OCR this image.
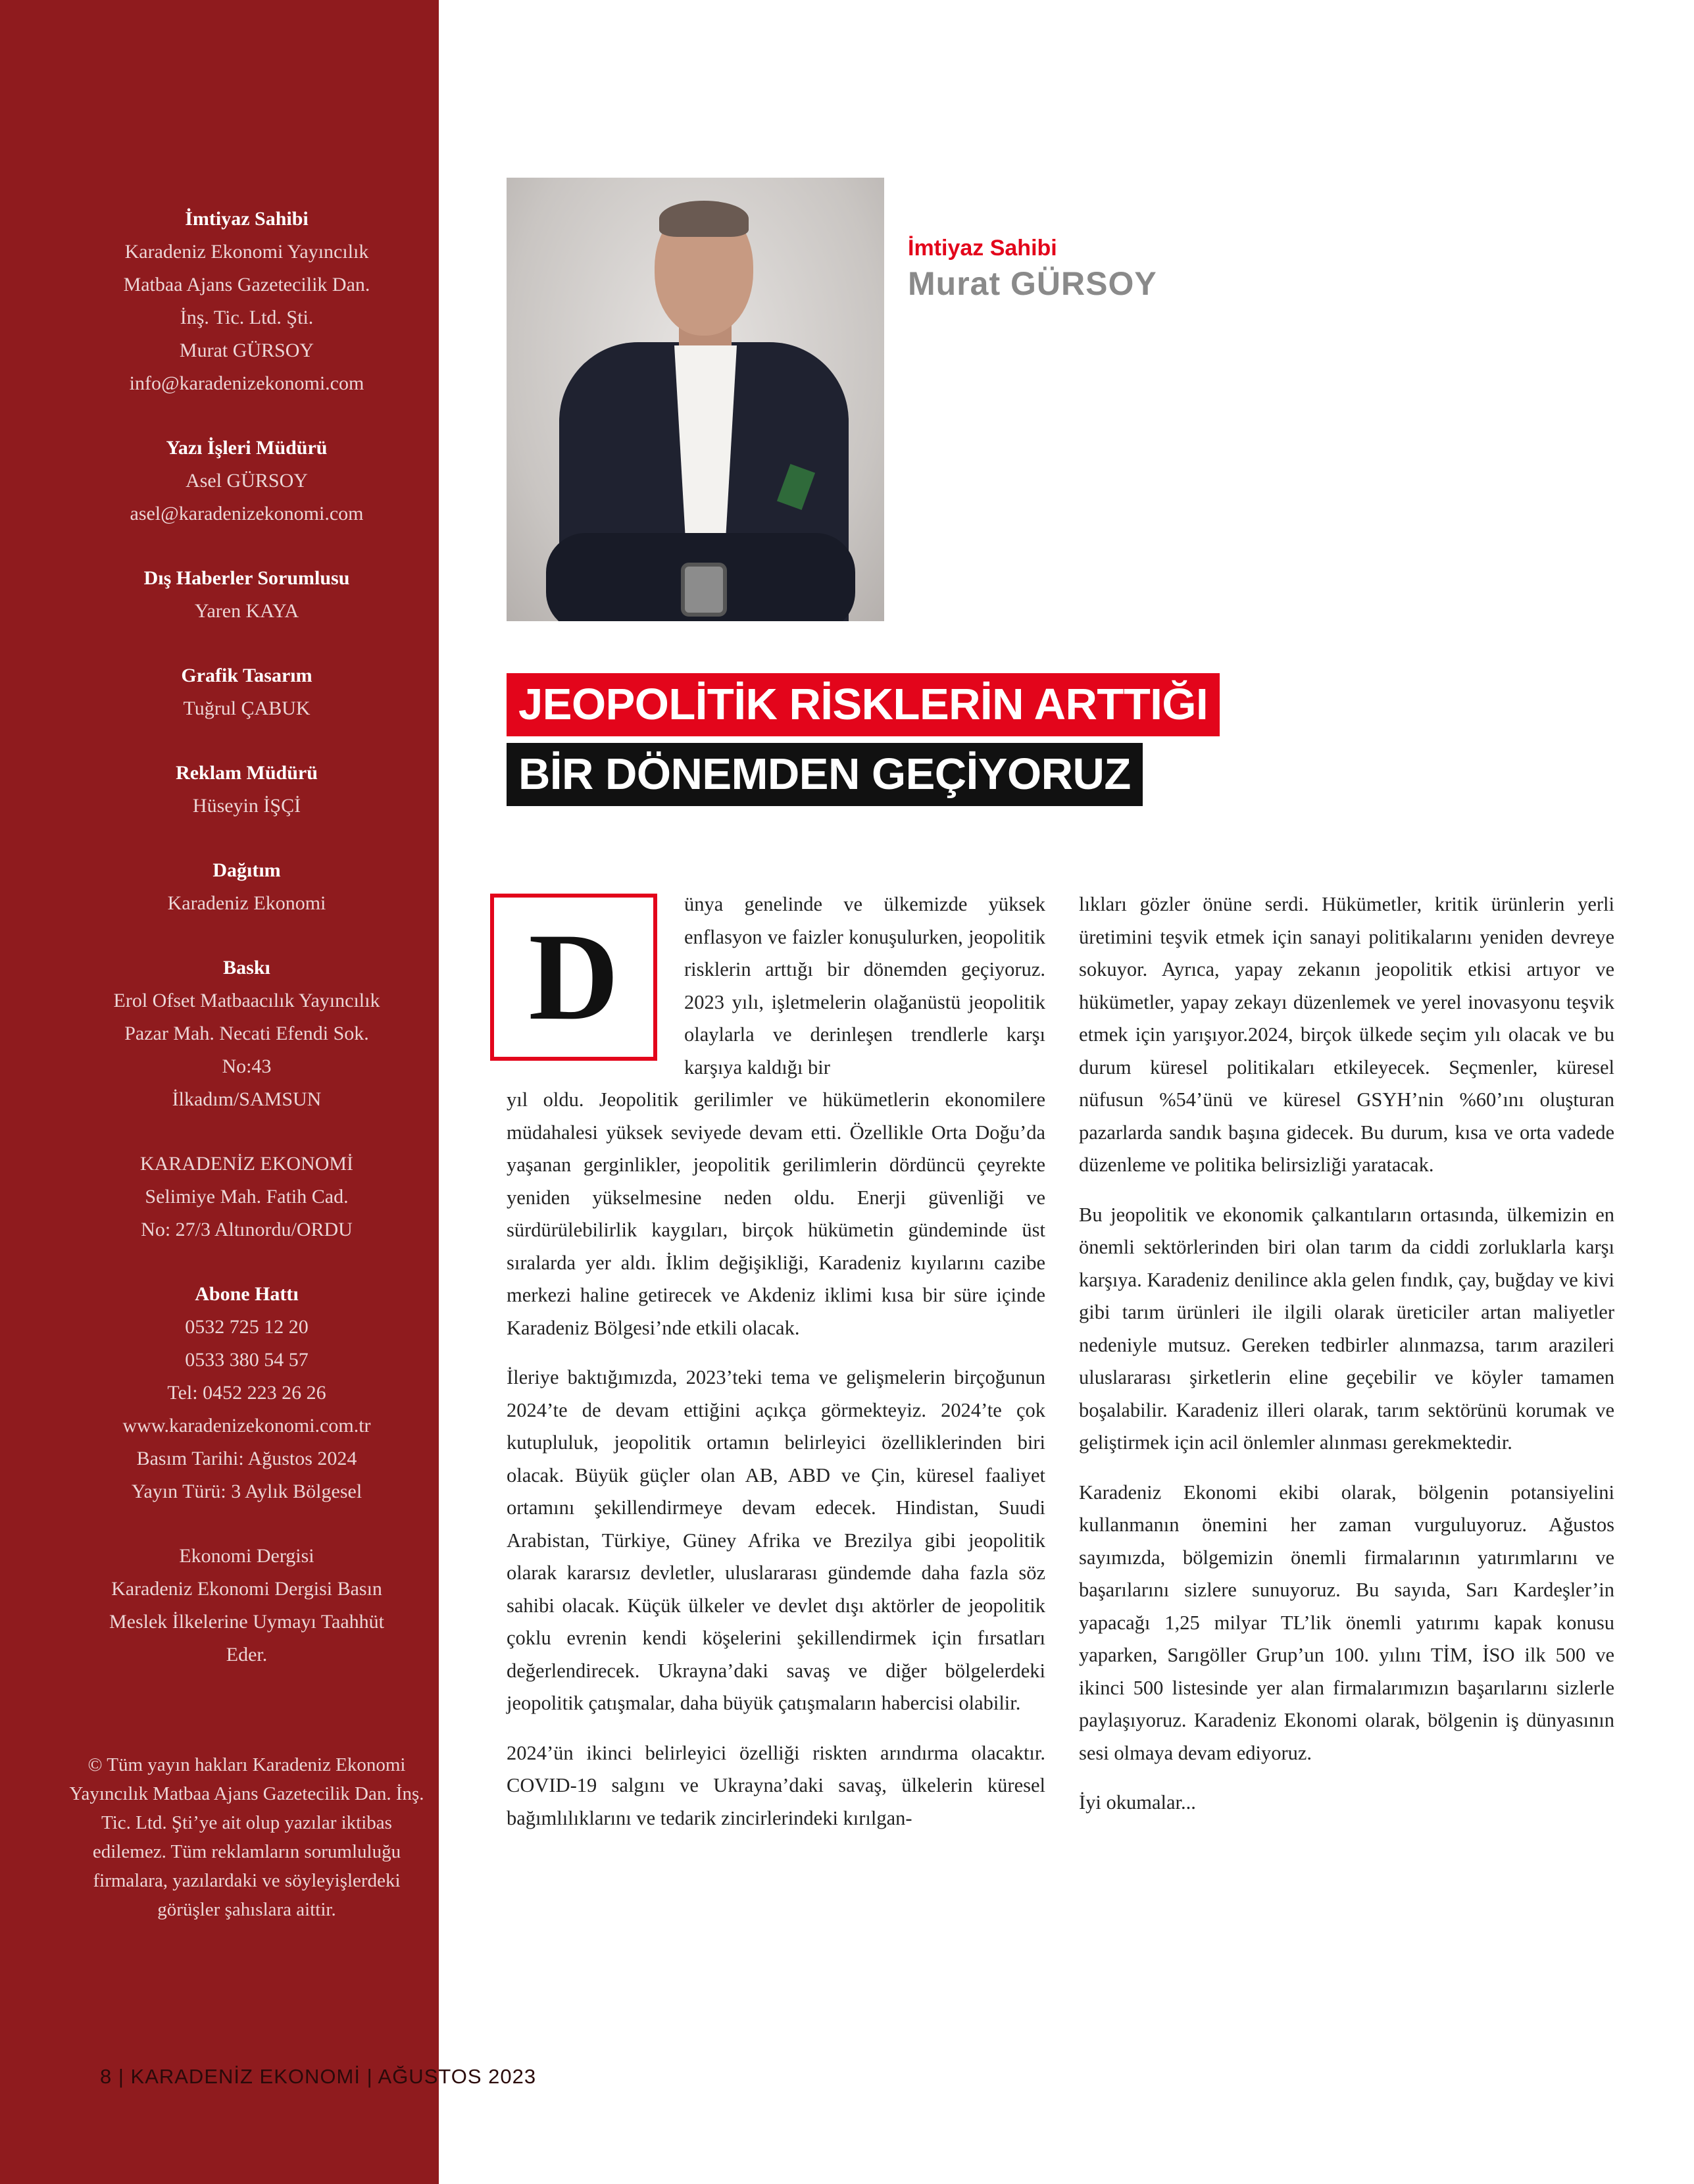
İmtiyaz Sahibi
Karadeniz Ekonomi Yayıncılık
Matbaa Ajans Gazetecilik Dan.
İnş. Tic. Ltd. Şti.
Murat GÜRSOY
info@karadenizekonomi.com
Yazı İşleri Müdürü
Asel GÜRSOY
asel@karadenizekonomi.com
Dış Haberler Sorumlusu
Yaren KAYA
Grafik Tasarım
Tuğrul ÇABUK
Reklam Müdürü
Hüseyin İŞÇİ
Dağıtım
Karadeniz Ekonomi
Baskı
Erol Ofset Matbaacılık Yayıncılık
Pazar Mah. Necati Efendi Sok.
No:43
İlkadım/SAMSUN
KARADENİZ EKONOMİ
Selimiye Mah. Fatih Cad.
No: 27/3 Altınordu/ORDU
Abone Hattı
0532 725 12 20
0533 380 54 57
Tel: 0452 223 26 26
www.karadenizekonomi.com.tr
Basım Tarihi: Ağustos 2024
Yayın Türü: 3 Aylık Bölgesel
Ekonomi Dergisi
Karadeniz Ekonomi Dergisi Basın
Meslek İlkelerine Uymayı Taahhüt
Eder.
© Tüm yayın hakları Karadeniz Ekonomi Yayıncılık Matbaa Ajans Gazetecilik Dan. İnş. Tic. Ltd. Şti’ye ait olup yazılar iktibas edilemez. Tüm reklamların sorumluluğu firmalara, yazılardaki ve söyleyişlerdeki görüşler şahıslara aittir.
8 | KARADENİZ EKONOMİ | AĞUSTOS 2023
İmtiyaz Sahibi
Murat GÜRSOY
JEOPOLİTİK RİSKLERİN ARTTIĞI
BİR DÖNEMDEN GEÇİYORUZ
D

ünya genelinde ve ülkemizde yüksek enflasyon ve faizler konuşulurken, jeopolitik risklerin arttığı bir dönemden geçiyoruz. 2023 yılı, işletmelerin olağanüstü jeopolitik olaylarla ve derinleşen trendlerle karşı karşıya kaldığı bir

yıl oldu. Jeopolitik gerilimler ve hükümetlerin ekonomilere müdahalesi yüksek seviyede devam etti. Özellikle Orta Doğu’da yaşanan gerginlikler, jeopolitik gerilimlerin dördüncü çeyrekte yeniden yükselmesine neden oldu. Enerji güvenliği ve sürdürülebilirlik kaygıları, birçok hükümetin gündeminde üst sıralarda yer aldı. İklim değişikliği, Karadeniz kıyılarını cazibe merkezi haline getirecek ve Akdeniz iklimi kısa bir süre içinde Karadeniz Bölgesi’nde etkili olacak.

İleriye baktığımızda, 2023’teki tema ve gelişmelerin birçoğunun 2024’te de devam ettiğini açıkça görmekteyiz. 2024’te çok kutupluluk, jeopolitik ortamın belirleyici özelliklerinden biri olacak. Büyük güçler olan AB, ABD ve Çin, küresel faaliyet ortamını şekillendirmeye devam edecek. Hindistan, Suudi Arabistan, Türkiye, Güney Afrika ve Brezilya gibi jeopolitik olarak kararsız devletler, uluslararası gündemde daha fazla söz sahibi olacak. Küçük ülkeler ve devlet dışı aktörler de jeopolitik çoklu evrenin kendi köşelerini şekillendirmek için fırsatları değerlendirecek. Ukrayna’daki savaş ve diğer bölgelerdeki jeopolitik çatışmalar, daha büyük çatışmaların habercisi olabilir.

2024’ün ikinci belirleyici özelliği riskten arındırma olacaktır. COVID-19 salgını ve Ukrayna’daki savaş, ülkelerin küresel bağımlılıklarını ve tedarik zincirlerindeki kırılgan-

lıkları gözler önüne serdi. Hükümetler, kritik ürünlerin yerli üretimini teşvik etmek için sanayi politikalarını yeniden devreye sokuyor. Ayrıca, yapay zekanın jeopolitik etkisi artıyor ve hükümetler, yapay zekayı düzenlemek ve yerel inovasyonu teşvik etmek için yarışıyor.2024, birçok ülkede seçim yılı olacak ve bu durum küresel politikaları etkileyecek. Seçmenler, küresel nüfusun %54’ünü ve küresel GSYH’nin %60’ını oluşturan pazarlarda sandık başına gidecek. Bu durum, kısa ve orta vadede düzenleme ve politika belirsizliği yaratacak.

Bu jeopolitik ve ekonomik çalkantıların ortasında, ülkemizin en önemli sektörlerinden biri olan tarım da ciddi zorluklarla karşı karşıya. Karadeniz denilince akla gelen fındık, çay, buğday ve kivi gibi tarım ürünleri ile ilgili olarak üreticiler artan maliyetler nedeniyle mutsuz. Gereken tedbirler alınmazsa, tarım arazileri uluslararası şirketlerin eline geçebilir ve köyler tamamen boşalabilir. Karadeniz illeri olarak, tarım sektörünü korumak ve geliştirmek için acil önlemler alınması gerekmektedir.

Karadeniz Ekonomi ekibi olarak, bölgenin potansiyelini kullanmanın önemini her zaman vurguluyoruz. Ağustos sayımızda, bölgemizin önemli firmalarının yatırımlarını ve başarılarını sizlere sunuyoruz. Bu sayıda, Sarı Kardeşler’in yapacağı 1,25 milyar TL’lik önemli yatırımı kapak konusu yaparken, Sarıgöller Grup’un 100. yılını TİM, İSO ilk 500 ve ikinci 500 listesinde yer alan firmalarımızın başarılarını sizlerle paylaşıyoruz. Karadeniz Ekonomi olarak, bölgenin iş dünyasının sesi olmaya devam ediyoruz.

İyi okumalar...
